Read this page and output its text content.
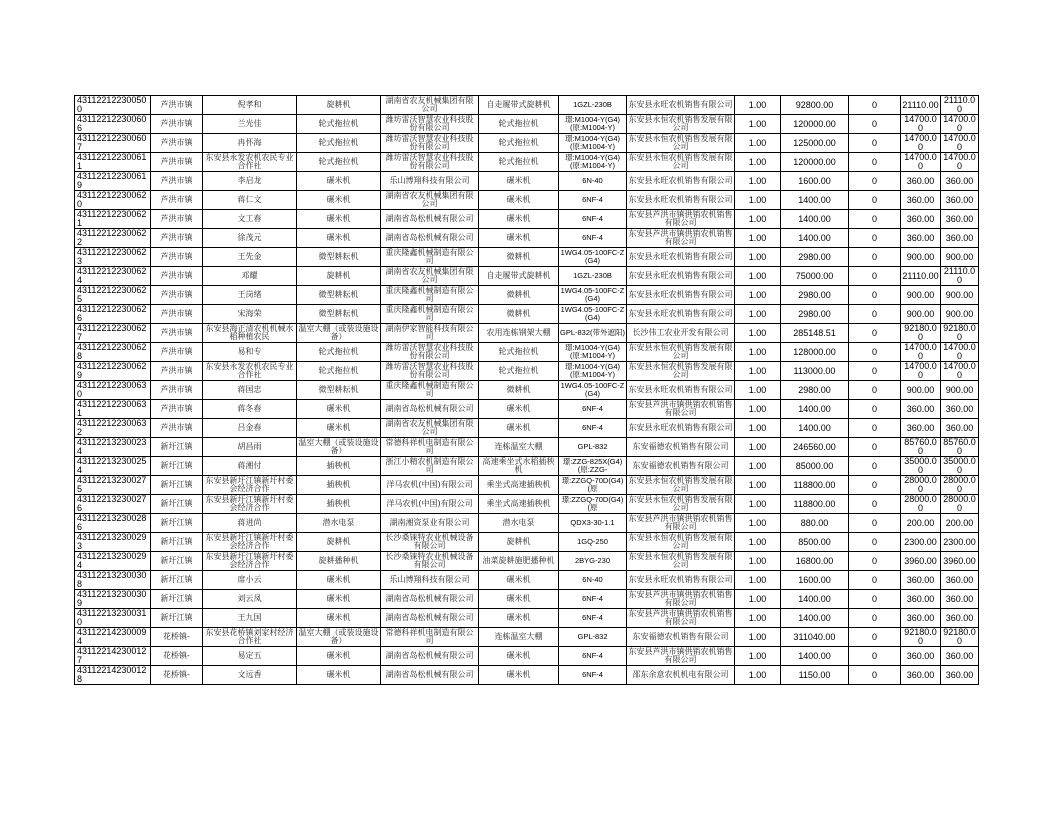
431122122300500	芦洪市镇	倪孝和	旋耕机	湖南省农友机械集团有限公司	自走履带式旋耕机	1GZL-230B	东安县永旺农机销售有限公司	1.00	92800.00	0	21110.00	21110.00
431122122300606	芦洪市镇	兰光佳	轮式拖拉机	潍坊雷沃智慧农业科技股份有限公司	轮式拖拉机	璟:M1004-Y(G4)(原:M1004-Y)	东安县永恒农机销售发展有限公司	1.00	120000.00	0	14700.00	14700.00
431122122300607	芦洪市镇	冉怀海	轮式拖拉机	潍坊雷沃智慧农业科技股份有限公司	轮式拖拉机	璟:M1004-Y(G4)(原:M1004-Y)	东安县永恒农机销售发展有限公司	1.00	125000.00	0	14700.00	14700.00
431122122300611	芦洪市镇	东安县永发农机农民专业合作社	轮式拖拉机	潍坊雷沃智慧农业科技股份有限公司	轮式拖拉机	璟:M1004-Y(G4)(原:M1004-Y)	东安县永恒农机销售发展有限公司	1.00	120000.00	0	14700.00	14700.00
431122122300619	芦洪市镇	李启龙	碾米机	乐山博翔科技有限公司	碾米机	6N-40	东安县永旺农机销售有限公司	1.00	1600.00	0	360.00	360.00
431122122300620	芦洪市镇	蒋仁文	碾米机	湖南省农友机械集团有限公司	碾米机	6NF-4	东安县永旺农机销售有限公司	1.00	1400.00	0	360.00	360.00
431122122300621	芦洪市镇	文工春	碾米机	湖南省岛松机械有限公司	碾米机	6NF-4	东安县芦洪市镇供销农机销售有限公司	1.00	1400.00	0	360.00	360.00
431122122300622	芦洪市镇	徐茂元	碾米机	湖南省岛松机械有限公司	碾米机	6NF-4	东安县芦洪市镇供销农机销售有限公司	1.00	1400.00	0	360.00	360.00
431122122300623	芦洪市镇	王先金	微型耕耘机	重庆隆鑫机械制造有限公司	微耕机	1WG4.05-100FC-Z(G4)	东安县永旺农机销售有限公司	1.00	2980.00	0	900.00	900.00
431122122300624	芦洪市镇	邓耀	旋耕机	湖南省农友机械集团有限公司	自走履带式旋耕机	1GZL-230B	东安县永旺农机销售有限公司	1.00	75000.00	0	21110.00	21110.00
431122122300625	芦洪市镇	王岗绪	微型耕耘机	重庆隆鑫机械制造有限公司	微耕机	1WG4.05-100FC-Z(G4)	东安县永旺农机销售有限公司	1.00	2980.00	0	900.00	900.00
431122122300626	芦洪市镇	宋海荣	微型耕耘机	重庆隆鑫机械制造有限公司	微耕机	1WG4.05-100FC-Z(G4)	东安县永旺农机销售有限公司	1.00	2980.00	0	900.00	900.00
431122122300627	芦洪市镇	东安县海正清农机机械水稻种植农民	温室大棚（或装设施设备）	湖南伊家智能科技有限公司	农用连栋钢架大棚	GPL-832(带外遮阳)	长沙伟工农业开发有限公司	1.00	285148.51	0	92180.00	92180.00
431122122300628	芦洪市镇	易和专	轮式拖拉机	潍坊雷沃智慧农业科技股份有限公司	轮式拖拉机	璟:M1004-Y(G4)(原:M1004-Y)	东安县永恒农机销售发展有限公司	1.00	128000.00	0	14700.00	14700.00
431122122300629	芦洪市镇	东安县永发农机农民专业合作社	轮式拖拉机	潍坊雷沃智慧农业科技股份有限公司	轮式拖拉机	璟:M1004-Y(G4)(原:M1004-Y)	东安县永恒农机销售发展有限公司	1.00	113000.00	0	14700.00	14700.00
431122122300630	芦洪市镇	蒋国忠	微型耕耘机	重庆隆鑫机械制造有限公司	微耕机	1WG4.05-100FC-Z(G4)	东安县永旺农机销售有限公司	1.00	2980.00	0	900.00	900.00
431122122300631	芦洪市镇	蒋冬春	碾米机	湖南省岛松机械有限公司	碾米机	6NF-4	东安县芦洪市镇供销农机销售有限公司	1.00	1400.00	0	360.00	360.00
431122122300632	芦洪市镇	吕金春	碾米机	湖南省农友机械集团有限公司	碾米机	6NF-4	东安县永旺农机销售有限公司	1.00	1400.00	0	360.00	360.00
431122132300234	新圩江镇	胡昌雨	温室大棚（或装设施设备）	常德科祥机电制造有限公司	连栋温室大棚	GPL-832	东安福德农机销售有限公司	1.00	246560.00	0	85760.00	85760.00
431122132300254	新圩江镇	蒋湘付	插秧机	浙江小精农机制造有限公司	高速乘坐式水稻插秧机	璟:ZZG-825X(G4)(原:ZZG-	东安福德农机销售有限公司	1.00	85000.00	0	35000.00	35000.00
431122132300275	新圩江镇	东安县新圩江镇新圩村委会经济合作	插秧机	洋马农机(中国)有限公司	乘坐式高速插秧机	璟:ZZGQ-70D(G4)(原	东安县永恒农机销售发展有限公司	1.00	118800.00	0	28000.00	28000.00
431122132300276	新圩江镇	东安县新圩江镇新圩村委会经济合作	插秧机	洋马农机(中国)有限公司	乘坐式高速插秧机	璟:ZZGQ-70D(G4)(原	东安县永恒农机销售发展有限公司	1.00	118800.00	0	28000.00	28000.00
431122132300286	新圩江镇	蒋进尚	潜水电泵	湖南湘资泵业有限公司	潜水电泵	QDX3-30-1.1	东安县芦洪市镇供销农机销售有限公司	1.00	880.00	0	200.00	200.00
431122132300293	新圩江镇	东安县新圩江镇新圩村委会经济合作	旋耕机	长沙桑铼特农业机械设备有限公司	旋耕机	1GQ-250	东安县永恒农机销售发展有限公司	1.00	8500.00	0	2300.00	2300.00
431122132300294	新圩江镇	东安县新圩江镇新圩村委会经济合作	旋耕播种机	长沙桑铼特农业机械设备有限公司	油菜旋耕施肥播种机	2BYG-230	东安县永恒农机销售发展有限公司	1.00	16800.00	0	3960.00	3960.00
431122132300308	新圩江镇	席小云	碾米机	乐山博翔科技有限公司	碾米机	6N-40	东安县永旺农机销售有限公司	1.00	1600.00	0	360.00	360.00
431122132300309	新圩江镇	刘云凤	碾米机	湖南省岛松机械有限公司	碾米机	6NF-4	东安县芦洪市镇供销农机销售有限公司	1.00	1400.00	0	360.00	360.00
431122132300310	新圩江镇	王九国	碾米机	湖南省岛松机械有限公司	碾米机	6NF-4	东安县芦洪市镇供销农机销售有限公司	1.00	1400.00	0	360.00	360.00
431122142300094	花桥镇-	东安县花桥镇刘家村经济合作社	温室大棚（或装设施设备）	常德科祥机电制造有限公司	连栋温室大棚	GPL-832	东安福德农机销售有限公司	1.00	311040.00	0	92180.00	92180.00
431122142300127	花桥镇-	易定五	碾米机	湖南省岛松机械有限公司	碾米机	6NF-4	东安县芦洪市镇供销农机销售有限公司	1.00	1400.00	0	360.00	360.00
431122142300128	花桥镇-	文远香	碾米机	湖南省岛松机械有限公司	碾米机	6NF-4	邵东余意农机机电有限公司	1.00	1150.00	0	360.00	360.00
